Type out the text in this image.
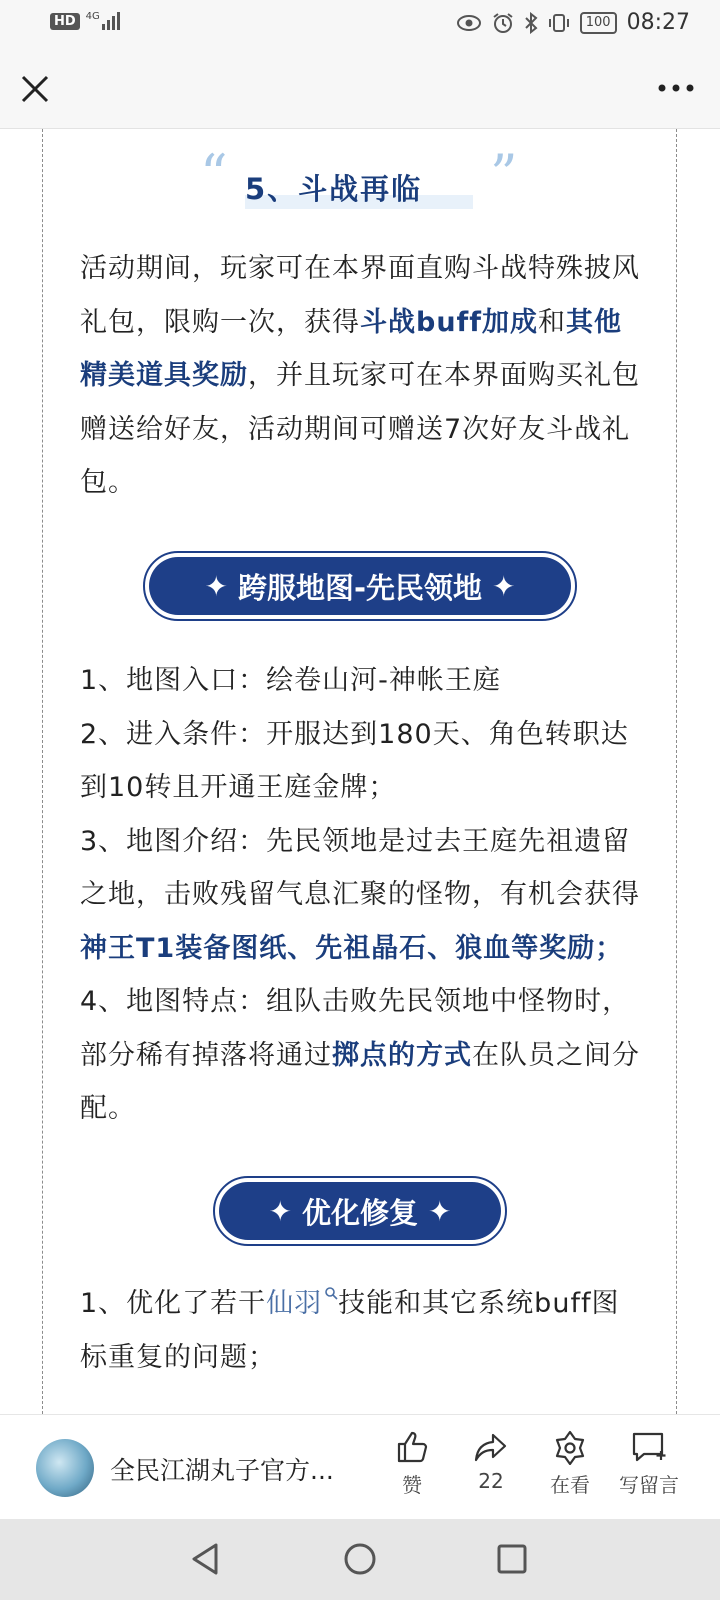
HD	4G	100 08:27
“ 5、斗战再临 ”
活动期间，玩家可在本界面直购斗战特殊披风礼包，限购一次，获得斗战buff加成和其他精美道具奖励，并且玩家可在本界面购买礼包赠送给好友，活动期间可赠送7次好友斗战礼包。
✦ 跨服地图-先民领地 ✦
1、地图入口：绘卷山河-神帐王庭
2、进入条件：开服达到180天、角色转职达到10转且开通王庭金牌；
3、地图介绍：先民领地是过去王庭先祖遗留之地，击败残留气息汇聚的怪物，有机会获得神王T1装备图纸、先祖晶石、狼血等奖励；
4、地图特点：组队击败先民领地中怪物时，部分稀有掉落将通过掷点的方式在队员之间分配。
✦ 优化修复 ✦
1、优化了若干仙羽 技能和其它系统buff图标重复的问题；
全民江湖丸子官方...	赞	22	在看	写留言
